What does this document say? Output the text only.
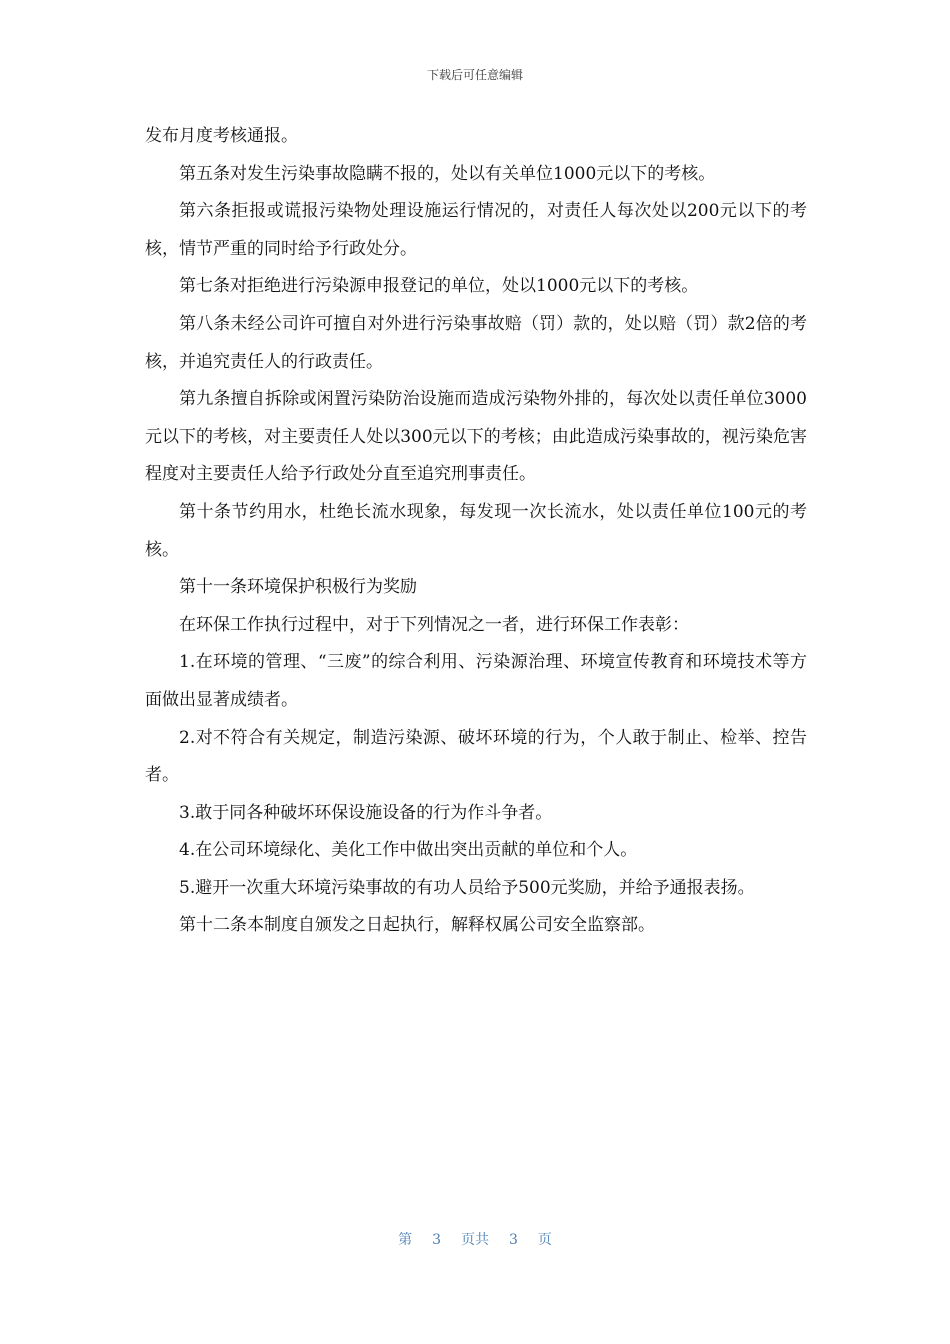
下载后可任意编辑

发布月度考核通报。

第五条对发生污染事故隐瞒不报的，处以有关单位1000元以下的考核。

第六条拒报或谎报污染物处理设施运行情况的，对责任人每次处以200元以下的考核，情节严重的同时给予行政处分。

第七条对拒绝进行污染源申报登记的单位，处以1000元以下的考核。

第八条未经公司许可擅自对外进行污染事故赔（罚）款的，处以赔（罚）款2倍的考核，并追究责任人的行政责任。

第九条擅自拆除或闲置污染防治设施而造成污染物外排的，每次处以责任单位3000元以下的考核，对主要责任人处以300元以下的考核；由此造成污染事故的，视污染危害程度对主要责任人给予行政处分直至追究刑事责任。

第十条节约用水，杜绝长流水现象，每发现一次长流水，处以责任单位100元的考核。

第十一条环境保护积极行为奖励

在环保工作执行过程中，对于下列情况之一者，进行环保工作表彰：

1.在环境的管理、“三废”的综合利用、污染源治理、环境宣传教育和环境技术等方面做出显著成绩者。

2.对不符合有关规定，制造污染源、破坏环境的行为，个人敢于制止、检举、控告者。

3.敢于同各种破坏环保设施设备的行为作斗争者。

4.在公司环境绿化、美化工作中做出突出贡献的单位和个人。

5.避开一次重大环境污染事故的有功人员给予500元奖励，并给予通报表扬。

第十二条本制度自颁发之日起执行，解释权属公司安全监察部。

第 3 页共 3 页
